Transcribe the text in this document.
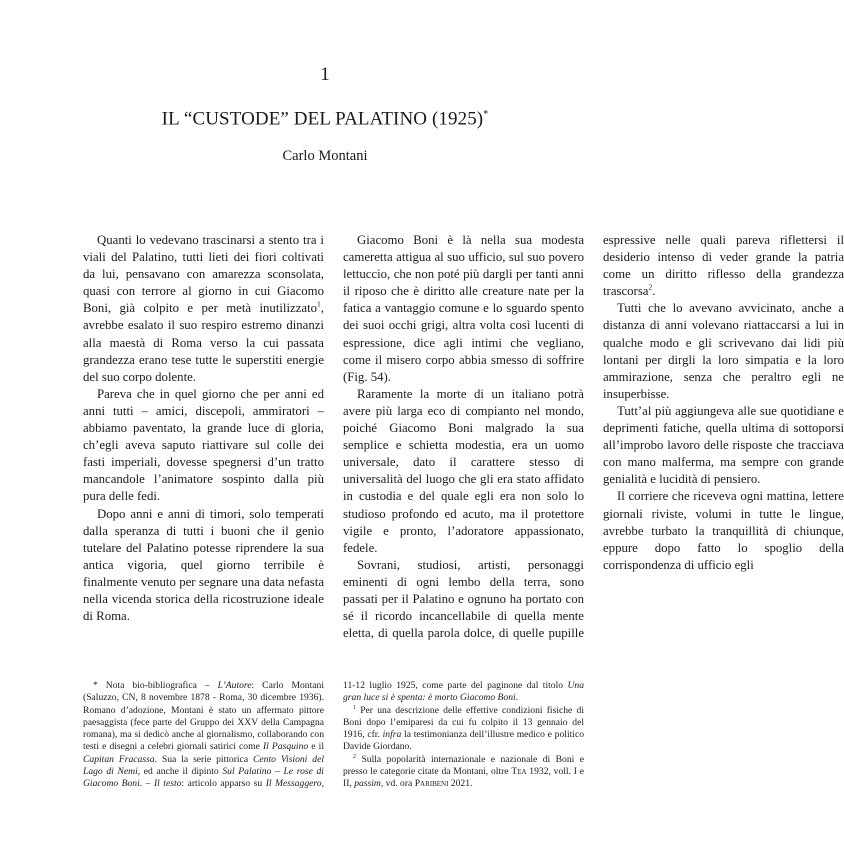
1
IL “CUSTODE” DEL PALATINO (1925)*
Carlo Montani

Quanti lo vedevano trascinarsi a stento tra i viali del Palatino, tutti lieti dei fiori coltivati da lui, pensavano con amarezza sconsolata, quasi con terrore al giorno in cui Giacomo Boni, già colpito e per metà inutilizzato$^1$, avrebbe esalato il suo respiro estremo dinanzi alla maestà di Roma verso la cui passata grandezza erano tese tutte le superstiti energie del suo corpo dolente.

Pareva che in quel giorno che per anni ed anni tutti – amici, discepoli, ammiratori – abbiamo paventato, la grande luce di gloria, ch’egli aveva saputo riattivare sul colle dei fasti imperiali, dovesse spegnersi d’un tratto mancandole l’animatore sospinto dalla più pura delle fedi.

Dopo anni e anni di timori, solo temperati dalla speranza di tutti i buoni che il genio tutelare del Palatino potesse riprendere la sua antica vigoria, quel giorno terribile è finalmente venuto per segnare una data nefasta nella vicenda storica della ricostruzione ideale di Roma.

Giacomo Boni è là nella sua modesta cameretta attigua al suo ufficio, sul suo povero lettuccio, che non poté più dargli per tanti anni il riposo che è diritto alle creature nate per la fatica a vantaggio comune e lo sguardo spento dei suoi occhi grigi, altra volta così lucenti di espressione, dice agli intimi che vegliano, come il misero corpo abbia smesso di soffrire (Fig. 54).

Raramente la morte di un italiano potrà avere più larga eco di compianto nel mondo, poiché Giacomo Boni malgrado la sua semplice e schietta modestia, era un uomo universale, dato il carattere stesso di universalità del luogo che gli era stato affidato in custodia e del quale egli era non solo lo studioso profondo ed acuto, ma il protettore vigile e pronto, l’adoratore appassionato, fedele.

Sovrani, studiosi, artisti, personaggi eminenti di ogni lembo della terra, sono passati per il Palatino e ognuno ha portato con sé il ricordo incancellabile di quella mente eletta, di quella parola dolce, di quelle pupille espressive nelle quali pareva riflettersi il desiderio intenso di veder grande la patria come un diritto riflesso della grandezza trascorsa$^2$.

Tutti che lo avevano avvicinato, anche a distanza di anni volevano riattaccarsi a lui in qualche modo e gli scrivevano dai lidi più lontani per dirgli la loro simpatia e la loro ammirazione, senza che peraltro egli ne insuperbisse.

Tutt’al più aggiungeva alle sue quotidiane e deprimenti fatiche, quella ultima di sottoporsi all’improbo lavoro delle risposte che tracciava con mano malferma, ma sempre con grande genialità e lucidità di pensiero.

Il corriere che riceveva ogni mattina, lettere giornali riviste, volumi in tutte le lingue, avrebbe turbato la tranquillità di chiunque, eppure dopo fatto lo spoglio della corrispondenza di ufficio egli

* Nota bio-bibliografica – L’Autore: Carlo Montani (Saluzzo, CN, 8 novembre 1878 - Roma, 30 dicembre 1936). Romano d’adozione, Montani è stato un affermato pittore paesaggista (fece parte del Gruppo dei XXV della Campagna romana), ma si dedicò anche al giornalismo, collaborando con testi e disegni a celebri giornali satirici come Il Pasquino e il Capitan Fracassa. Sua la serie pittorica Cento Visioni del Lago di Nemi, ed anche il dipinto Sul Palatino – Le rose di Giacomo Boni. – Il testo: articolo apparso su Il Messaggero, 11-12 luglio 1925, come parte del paginone dal titolo Una gran luce si è spenta: è morto Giacomo Boni.

$^1$ Per una descrizione delle effettive condizioni fisiche di Boni dopo l’emiparesi da cui fu colpito il 13 gennaio del 1916, cfr. infra la testimonianza dell’illustre medico e politico Davide Giordano.

$^2$ Sulla popolarità internazionale e nazionale di Boni e presso le categorie citate da Montani, oltre Tea 1932, voll. I e II, passim, vd. ora Paribeni 2021.
